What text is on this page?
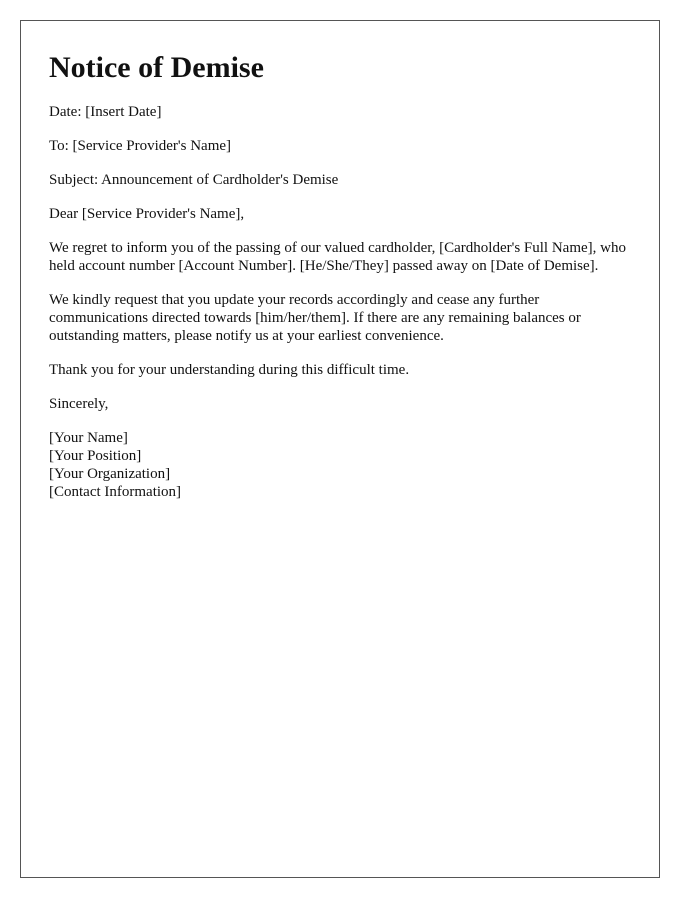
Notice of Demise

Date: [Insert Date]

To: [Service Provider's Name]

Subject: Announcement of Cardholder's Demise

Dear [Service Provider's Name],

We regret to inform you of the passing of our valued cardholder, [Cardholder's Full Name], who held account number [Account Number]. [He/She/They] passed away on [Date of Demise].

We kindly request that you update your records accordingly and cease any further communications directed towards [him/her/them]. If there are any remaining balances or outstanding matters, please notify us at your earliest convenience.

Thank you for your understanding during this difficult time.

Sincerely,

[Your Name]
[Your Position]
[Your Organization]
[Contact Information]
